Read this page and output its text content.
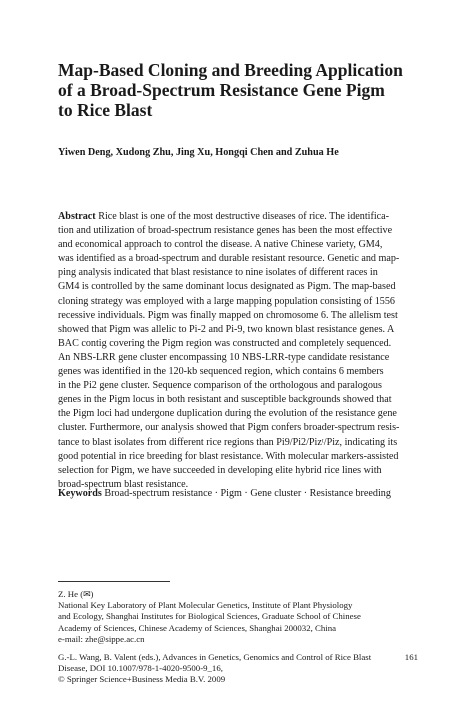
Map-Based Cloning and Breeding Application
of a Broad-Spectrum Resistance Gene Pigm
to Rice Blast
Yiwen Deng, Xudong Zhu, Jing Xu, Hongqi Chen and Zuhua He
Abstract Rice blast is one of the most destructive diseases of rice. The identifica-
tion and utilization of broad-spectrum resistance genes has been the most effective
and economical approach to control the disease. A native Chinese variety, GM4,
was identified as a broad-spectrum and durable resistant resource. Genetic and map-
ping analysis indicated that blast resistance to nine isolates of different races in
GM4 is controlled by the same dominant locus designated as Pigm. The map-based
cloning strategy was employed with a large mapping population consisting of 1556
recessive individuals. Pigm was finally mapped on chromosome 6. The allelism test
showed that Pigm was allelic to Pi-2 and Pi-9, two known blast resistance genes. A
BAC contig covering the Pigm region was constructed and completely sequenced.
An NBS-LRR gene cluster encompassing 10 NBS-LRR-type candidate resistance
genes was identified in the 120-kb sequenced region, which contains 6 members
in the Pi2 gene cluster. Sequence comparison of the orthologous and paralogous
genes in the Pigm locus in both resistant and susceptible backgrounds showed that
the Pigm loci had undergone duplication during the evolution of the resistance gene
cluster. Furthermore, our analysis showed that Pigm confers broader-spectrum resis-
tance to blast isolates from different rice regions than Pi9/Pi2/Pizᵗ/Piz, indicating its
good potential in rice breeding for blast resistance. With molecular markers-assisted
selection for Pigm, we have succeeded in developing elite hybrid rice lines with
broad-spectrum blast resistance.
Keywords Broad-spectrum resistance · Pigm · Gene cluster · Resistance breeding
Z. He (✉)
National Key Laboratory of Plant Molecular Genetics, Institute of Plant Physiology
and Ecology, Shanghai Institutes for Biological Sciences, Graduate School of Chinese
Academy of Sciences, Chinese Academy of Sciences, Shanghai 200032, China
e-mail: zhe@sippe.ac.cn
G.-L. Wang, B. Valent (eds.), Advances in Genetics, Genomics and Control of Rice Blast
Disease, DOI 10.1007/978-1-4020-9500-9_16,
© Springer Science+Business Media B.V. 2009
161
